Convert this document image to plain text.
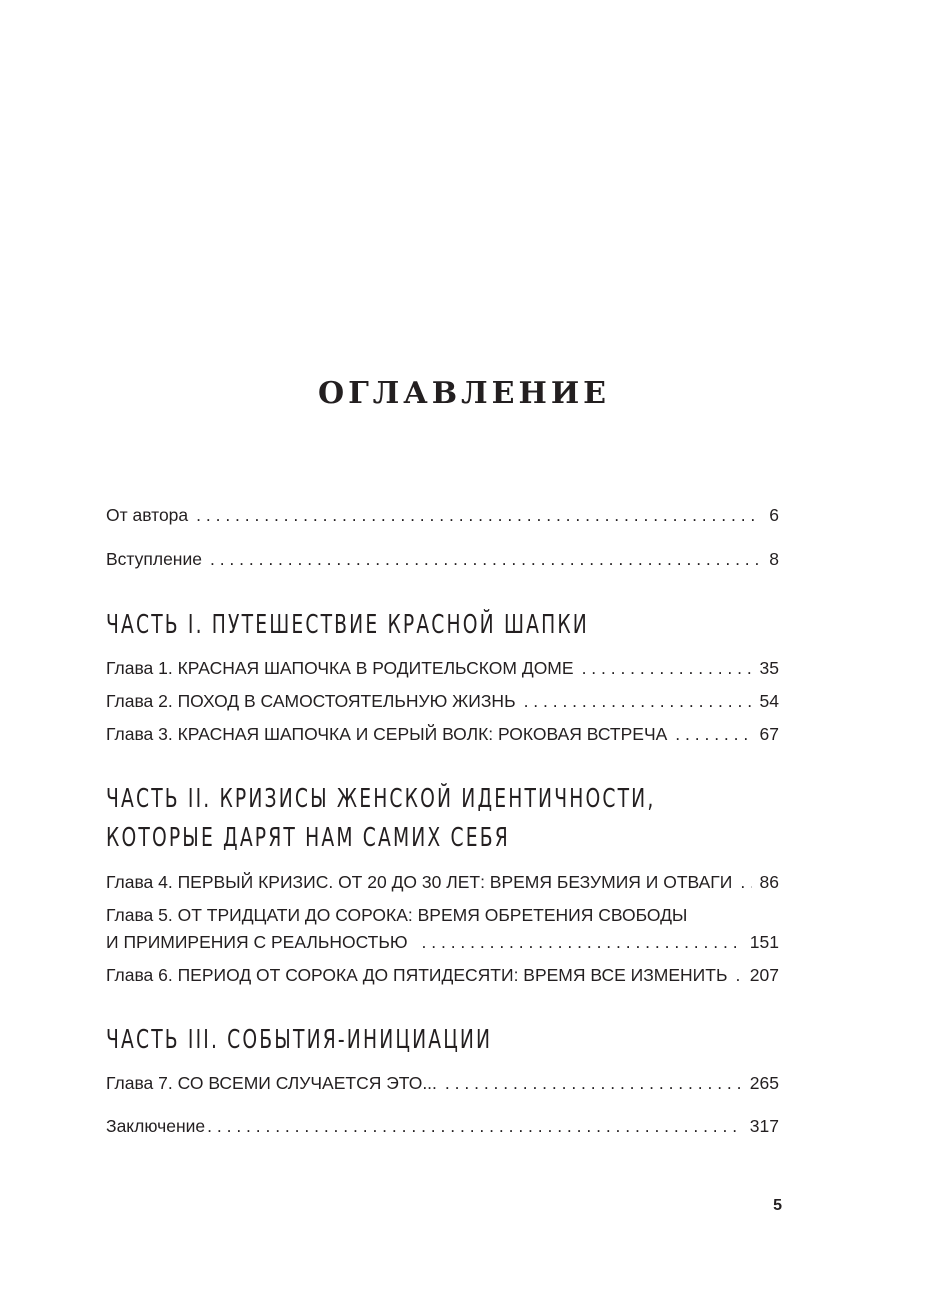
ОГЛАВЛЕНИЕ
От автора . . .	6
Вступление . . .	8
ЧАСТЬ I. ПУТЕШЕСТВИЕ КРАСНОЙ ШАПКИ
Глава 1. КРАСНАЯ ШАПОЧКА В РОДИТЕЛЬСКОМ ДОМЕ . . .	35
Глава 2. ПОХОД В САМОСТОЯТЕЛЬНУЮ ЖИЗНЬ . . .	54
Глава 3. КРАСНАЯ ШАПОЧКА И СЕРЫЙ ВОЛК: РОКОВАЯ ВСТРЕЧА . . .	67
ЧАСТЬ II. КРИЗИСЫ ЖЕНСКОЙ ИДЕНТИЧНОСТИ,
КОТОРЫЕ ДАРЯТ НАМ САМИХ СЕБЯ
Глава 4. ПЕРВЫЙ КРИЗИС. ОТ 20 ДО 30 ЛЕТ: ВРЕМЯ БЕЗУМИЯ И ОТВАГИ . . . 86
Глава 5. ОТ ТРИДЦАТИ ДО СОРОКА: ВРЕМЯ ОБРЕТЕНИЯ СВОБОДЫ
И ПРИМИРЕНИЯ С РЕАЛЬНОСТЬЮ . . .	151
Глава 6. ПЕРИОД ОТ СОРОКА ДО ПЯТИДЕСЯТИ: ВРЕМЯ ВСЕ ИЗМЕНИТЬ . . . 207
ЧАСТЬ III. СОБЫТИЯ-ИНИЦИАЦИИ
Глава 7. СО ВСЕМИ СЛУЧАЕТСЯ ЭТО... . . .	265
Заключение . . .	317
5
